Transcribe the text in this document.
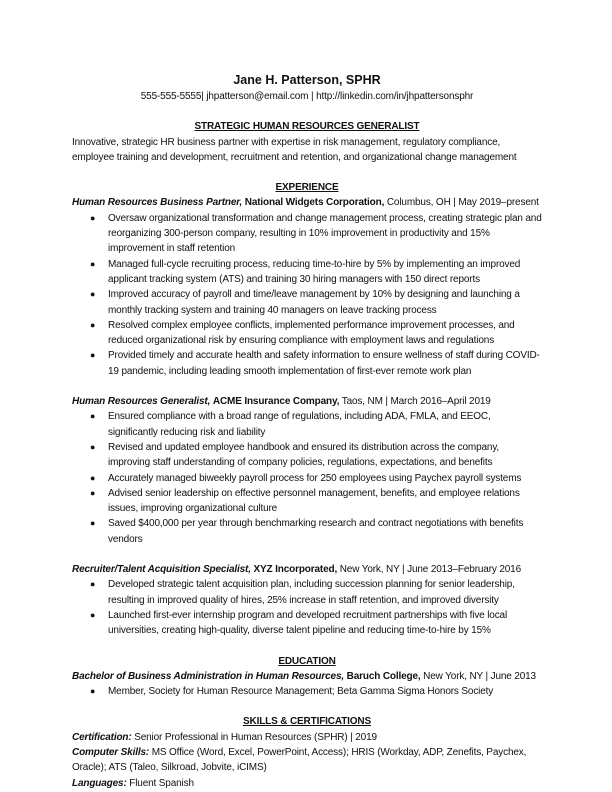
Jane H. Patterson, SPHR
555-555-5555| jhpatterson@email.com | http://linkedin.com/in/jhpattersonsphr
STRATEGIC HUMAN RESOURCES GENERALIST
Innovative, strategic HR business partner with expertise in risk management, regulatory compliance, employee training and development, recruitment and retention, and organizational change management
EXPERIENCE
Human Resources Business Partner, National Widgets Corporation, Columbus, OH | May 2019–present
● Oversaw organizational transformation and change management process, creating strategic plan and reorganizing 300-person company, resulting in 10% improvement in productivity and 15% improvement in staff retention
● Managed full-cycle recruiting process, reducing time-to-hire by 5% by implementing an improved applicant tracking system (ATS) and training 30 hiring managers with 150 direct reports
● Improved accuracy of payroll and time/leave management by 10% by designing and launching a monthly tracking system and training 40 managers on leave tracking process
● Resolved complex employee conflicts, implemented performance improvement processes, and reduced organizational risk by ensuring compliance with employment laws and regulations
● Provided timely and accurate health and safety information to ensure wellness of staff during COVID-19 pandemic, including leading smooth implementation of first-ever remote work plan
Human Resources Generalist, ACME Insurance Company, Taos, NM | March 2016–April 2019
● Ensured compliance with a broad range of regulations, including ADA, FMLA, and EEOC, significantly reducing risk and liability
● Revised and updated employee handbook and ensured its distribution across the company, improving staff understanding of company policies, regulations, expectations, and benefits
● Accurately managed biweekly payroll process for 250 employees using Paychex payroll systems
● Advised senior leadership on effective personnel management, benefits, and employee relations issues, improving organizational culture
● Saved $400,000 per year through benchmarking research and contract negotiations with benefits vendors
Recruiter/Talent Acquisition Specialist, XYZ Incorporated, New York, NY | June 2013–February 2016
● Developed strategic talent acquisition plan, including succession planning for senior leadership, resulting in improved quality of hires, 25% increase in staff retention, and improved diversity
● Launched first-ever internship program and developed recruitment partnerships with five local universities, creating high-quality, diverse talent pipeline and reducing time-to-hire by 15%
EDUCATION
Bachelor of Business Administration in Human Resources, Baruch College, New York, NY | June 2013
● Member, Society for Human Resource Management; Beta Gamma Sigma Honors Society
SKILLS & CERTIFICATIONS
Certification: Senior Professional in Human Resources (SPHR) | 2019
Computer Skills: MS Office (Word, Excel, PowerPoint, Access); HRIS (Workday, ADP, Zenefits, Paychex, Oracle); ATS (Taleo, Silkroad, Jobvite, iCIMS)
Languages: Fluent Spanish
